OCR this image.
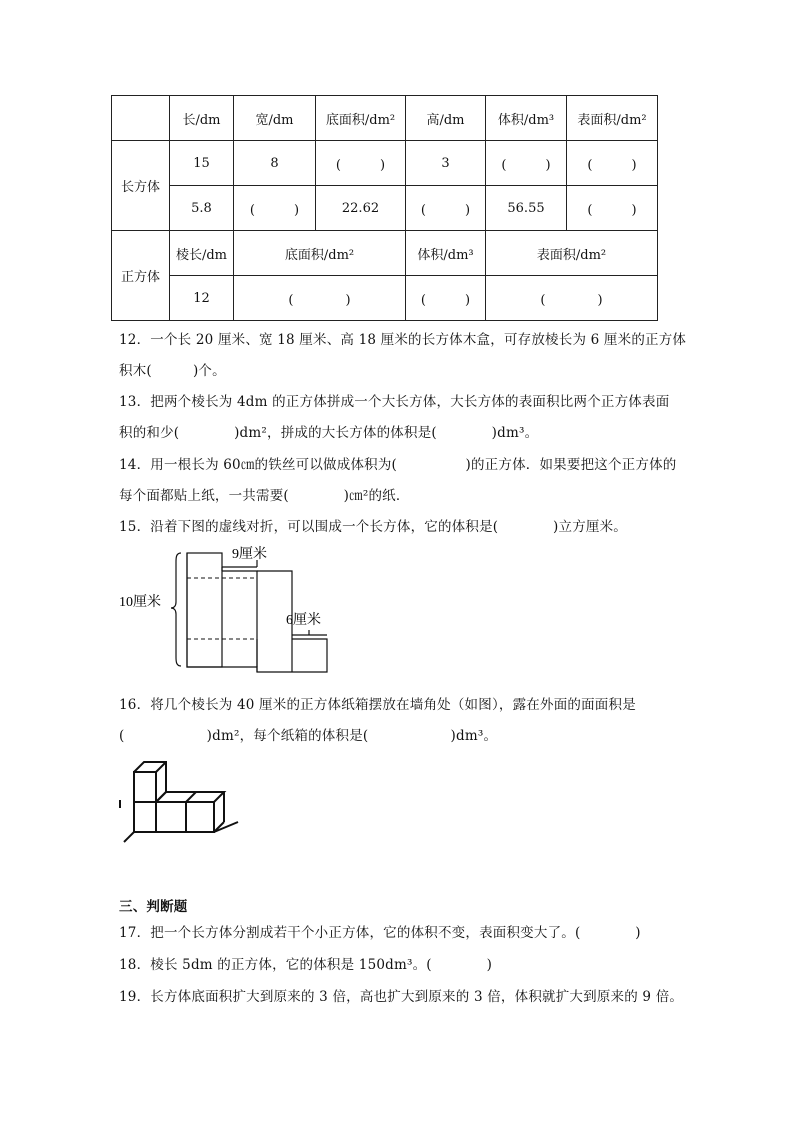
	长/dm	宽/dm	底面积/dm²	高/dm	体积/dm³	表面积/dm²
长方体	15	8	(　　　)	3	(　　　)	(　　　)
	5.8	(　　　)	22.62	(　　　)	56.55	(　　　)
正方体	棱长/dm	底面积/dm²		体积/dm³	表面积/dm²	
	12	(　　　　)		(　　　)	(　　　　)	
12．一个长 20 厘米、宽 18 厘米、高 18 厘米的长方体木盒，可存放棱长为 6 厘米的正方体
积木(　　　)个。
13．把两个棱长为 4dm 的正方体拼成一个大长方体，大长方体的表面积比两个正方体表面
积的和少(　　　　)dm²，拼成的大长方体的体积是(　　　　)dm³。
14．用一根长为 60㎝的铁丝可以做成体积为(　　　　　)的正方体．如果要把这个正方体的
每个面都贴上纸，一共需要(　　　　)㎝²的纸．
15．沿着下图的虚线对折，可以围成一个长方体，它的体积是(　　　　)立方厘米。
9厘米
10厘米
6厘米
16．将几个棱长为 40 厘米的正方体纸箱摆放在墙角处（如图），露在外面的面面积是
(　　　　　　)dm²，每个纸箱的体积是(　　　　　　)dm³。
三、判断题
17．把一个长方体分割成若干个小正方体，它的体积不变，表面积变大了。(　　　　)
18．棱长 5dm 的正方体，它的体积是 150dm³。(　　　　)
19．长方体底面积扩大到原来的 3 倍，高也扩大到原来的 3 倍，体积就扩大到原来的 9 倍。
